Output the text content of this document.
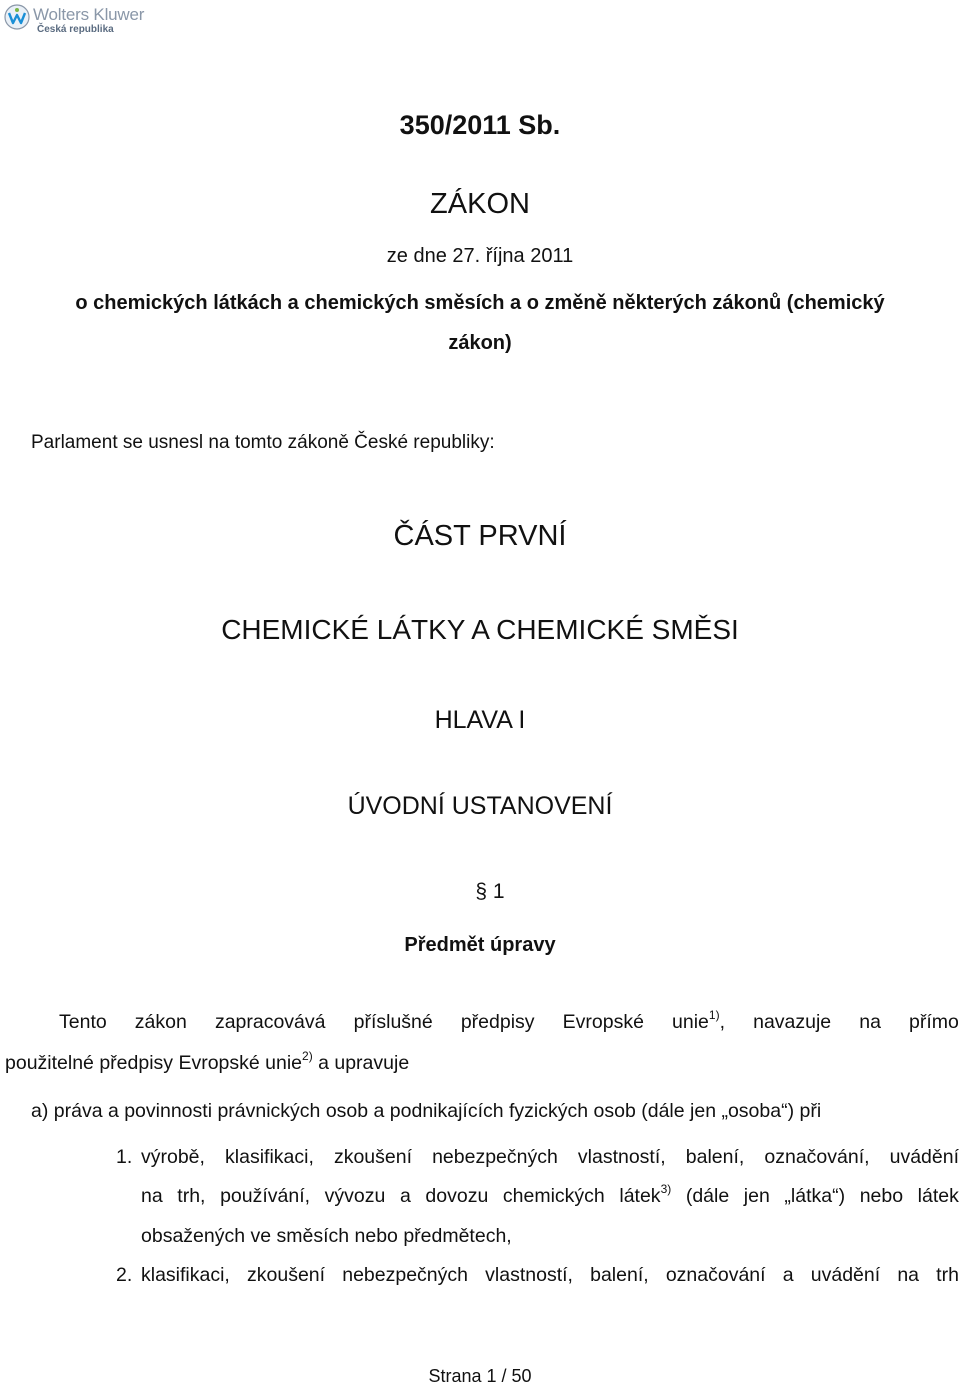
Wolters Kluwer
Česká republika

350/2011 Sb.

ZÁKON

ze dne 27. října 2011

o chemických látkách a chemických směsích a o změně některých zákonů (chemický

zákon)

Parlament se usnesl na tomto zákoně České republiky:

ČÁST PRVNÍ

CHEMICKÉ LÁTKY A CHEMICKÉ SMĚSI

HLAVA I

ÚVODNÍ USTANOVENÍ

§ 1

Předmět úpravy

Tento zákon zapracovává příslušné předpisy Evropské unie$^{1)}$, navazuje na přímo
použitelné předpisy Evropské unie$^{2)}$ a upravuje
a) práva a povinnosti právnických osob a podnikajících fyzických osob (dále jen „osoba“) při
1. výrobě, klasifikaci, zkoušení nebezpečných vlastností, balení, označování, uvádění
na trh, používání, vývozu a dovozu chemických látek$^{3)}$ (dále jen „látka“) nebo látek
obsažených ve směsích nebo předmětech,
2. klasifikaci, zkoušení nebezpečných vlastností, balení, označování a uvádění na trh

Strana 1 / 50
